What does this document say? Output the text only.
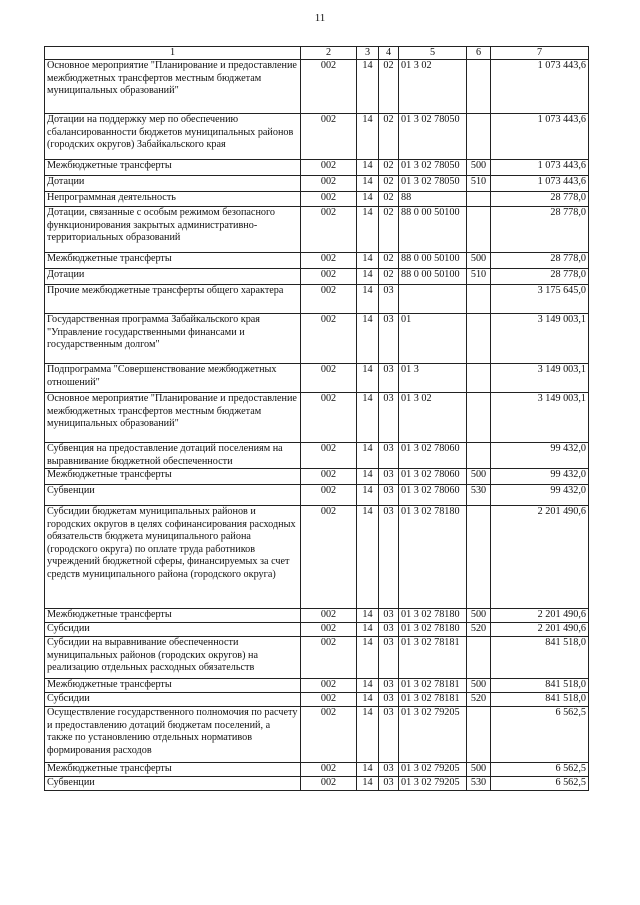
11
1	2	3	4	5	6	7
Основное мероприятие "Планирование и предоставление межбюджетных трансфертов местным бюджетам муниципальных образований"	002	14	02	01 3 02		1 073 443,6
Дотации на поддержку мер по обеспечению сбалансированности бюджетов муниципальных районов (городских округов) Забайкальского края	002	14	02	01 3 02 78050		1 073 443,6
Межбюджетные трансферты	002	14	02	01 3 02 78050	500	1 073 443,6
Дотации	002	14	02	01 3 02 78050	510	1 073 443,6
Непрограммная деятельность	002	14	02	88		28 778,0
Дотации, связанные с особым режимом безопасного функционирования закрытых административно-территориальных образований	002	14	02	88 0 00 50100		28 778,0
Межбюджетные трансферты	002	14	02	88 0 00 50100	500	28 778,0
Дотации	002	14	02	88 0 00 50100	510	28 778,0
Прочие межбюджетные трансферты общего характера	002	14	03			3 175 645,0
Государственная программа Забайкальского края "Управление государственными финансами и государственным долгом"	002	14	03	01		3 149 003,1
Подпрограмма "Совершенствование межбюджетных отношений"	002	14	03	01 3		3 149 003,1
Основное мероприятие "Планирование и предоставление межбюджетных трансфертов местным бюджетам муниципальных образований"	002	14	03	01 3 02		3 149 003,1
Субвенция на предоставление дотаций поселениям на выравнивание бюджетной обеспеченности	002	14	03	01 3 02 78060		99 432,0
Межбюджетные трансферты	002	14	03	01 3 02 78060	500	99 432,0
Субвенции	002	14	03	01 3 02 78060	530	99 432,0
Субсидии бюджетам муниципальных районов и городских округов в целях софинансирования расходных обязательств бюджета муниципального района (городского округа) по оплате труда работников учреждений бюджетной сферы, финансируемых за счет средств муниципального района (городского округа)	002	14	03	01 3 02 78180		2 201 490,6
Межбюджетные трансферты	002	14	03	01 3 02 78180	500	2 201 490,6
Субсидии	002	14	03	01 3 02 78180	520	2 201 490,6
Субсидии на выравнивание обеспеченности муниципальных районов (городских округов) на реализацию отдельных расходных обязательств	002	14	03	01 3 02 78181		841 518,0
Межбюджетные трансферты	002	14	03	01 3 02 78181	500	841 518,0
Субсидии	002	14	03	01 3 02 78181	520	841 518,0
Осуществление государственного полномочия по расчету и предоставлению дотаций бюджетам поселений, а также по установлению отдельных нормативов формирования расходов	002	14	03	01 3 02 79205		6 562,5
Межбюджетные трансферты	002	14	03	01 3 02 79205	500	6 562,5
Субвенции	002	14	03	01 3 02 79205	530	6 562,5
